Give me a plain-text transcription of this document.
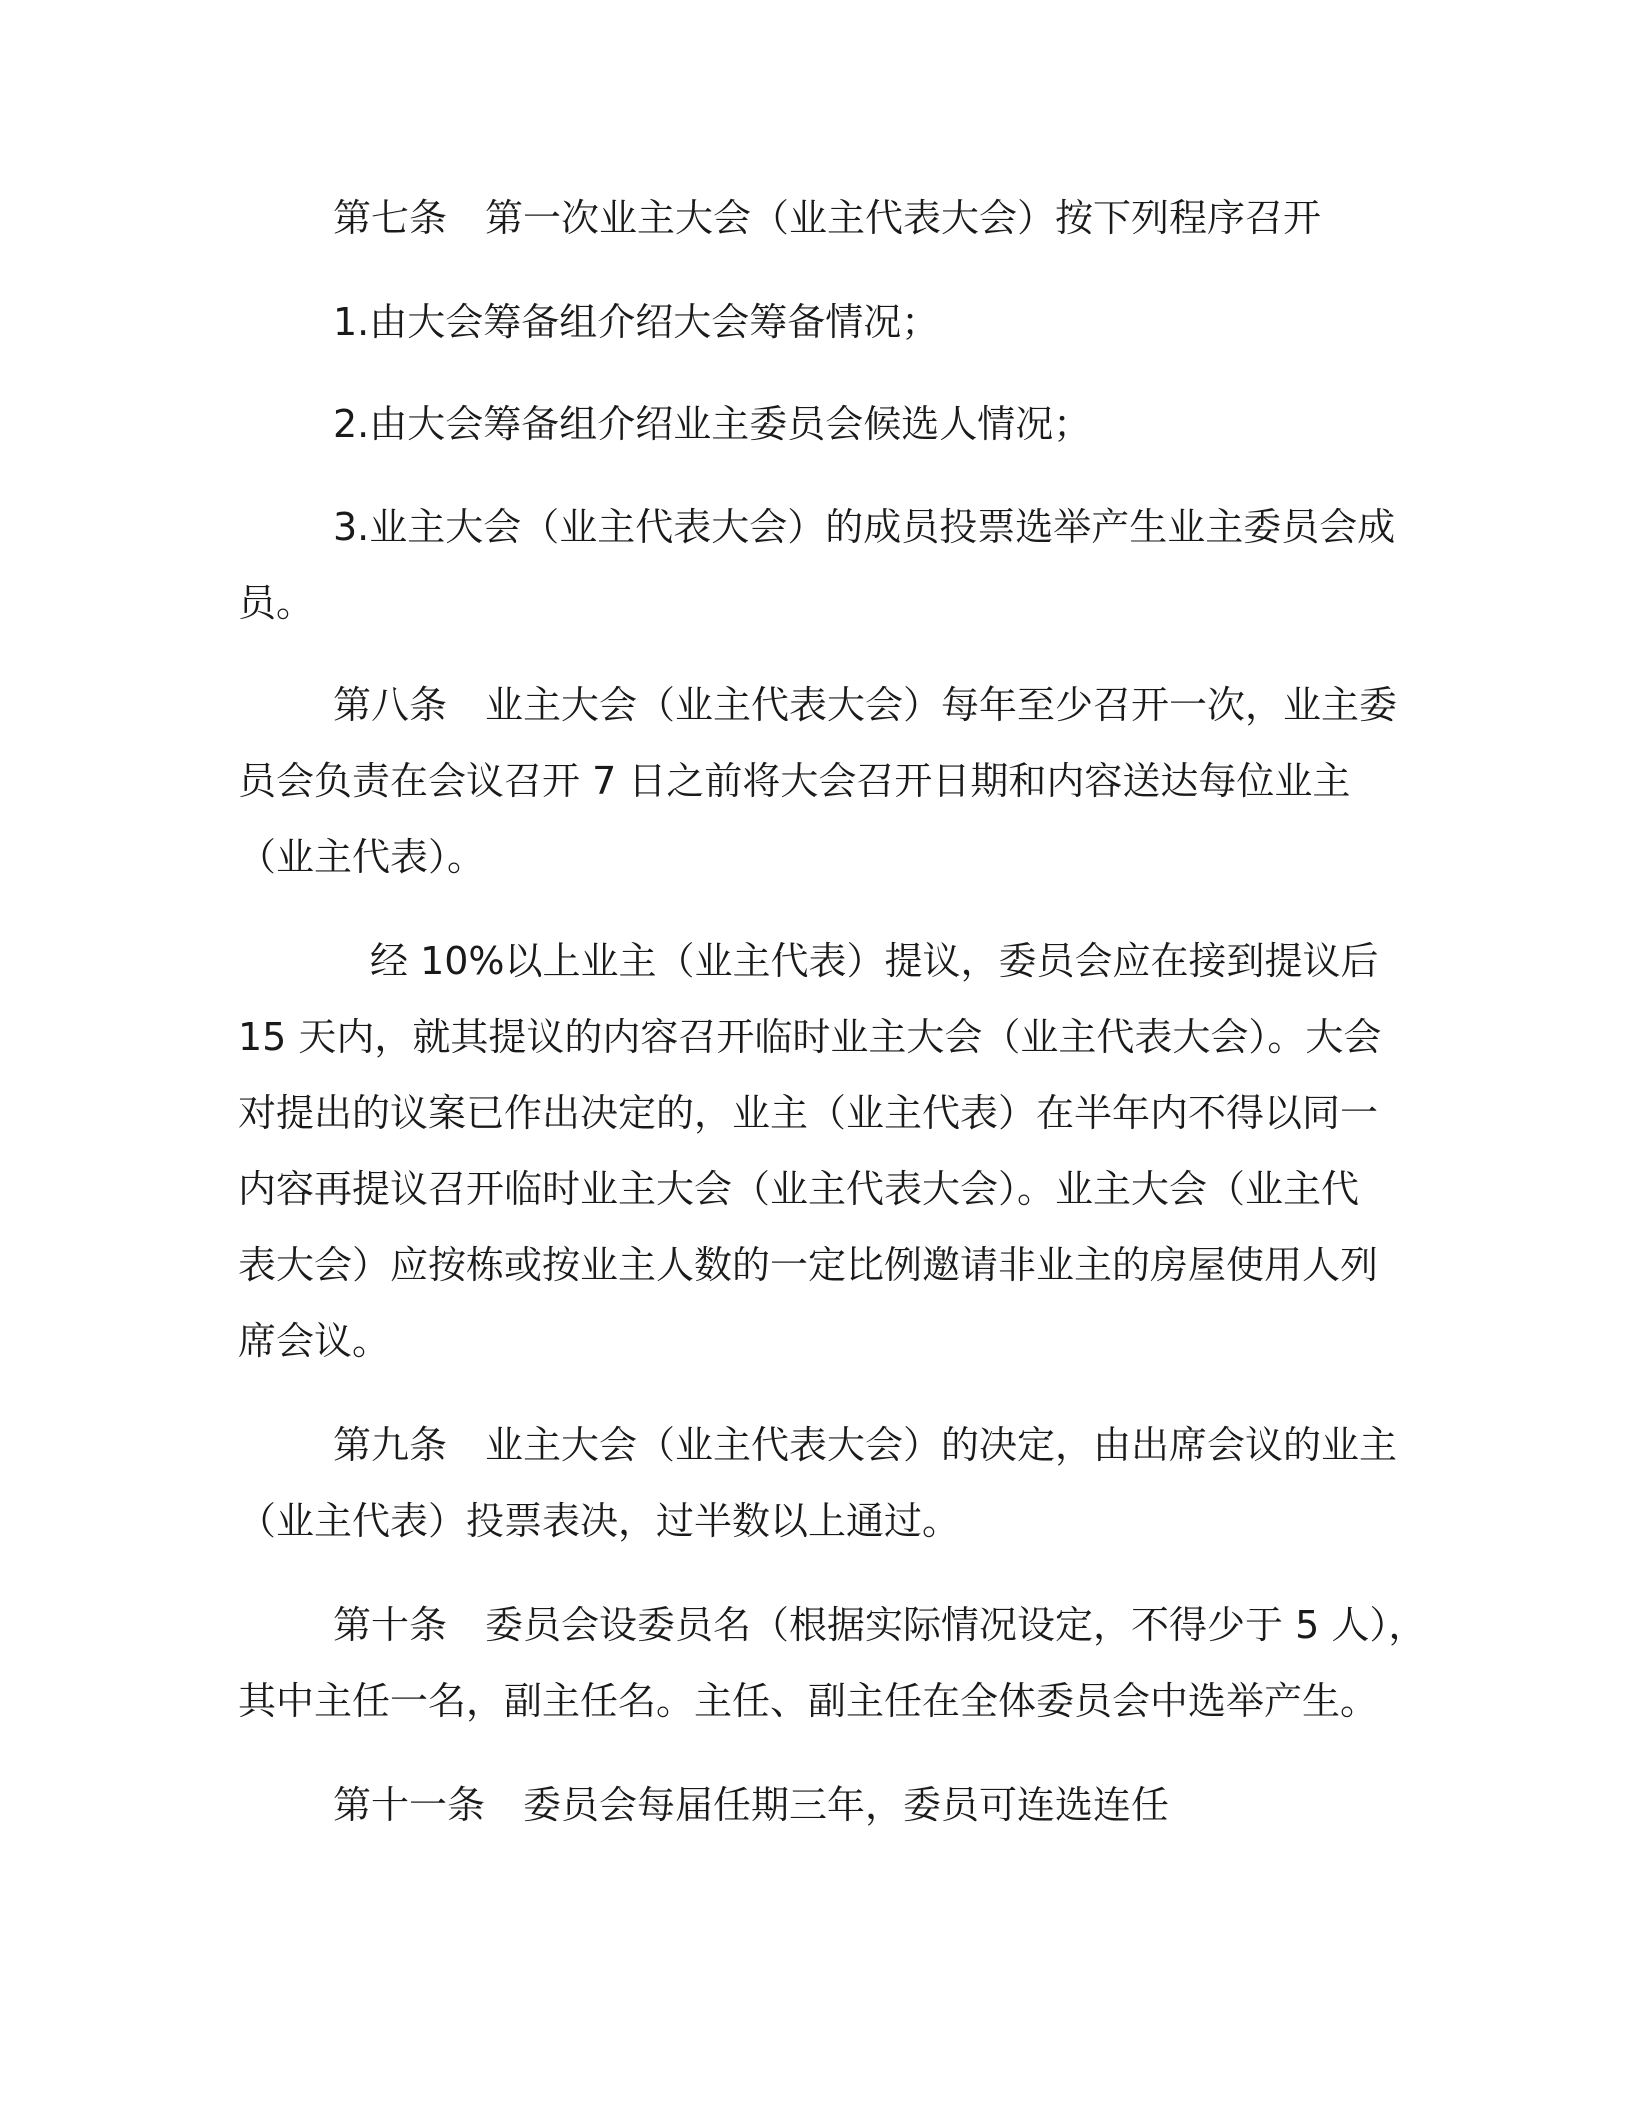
第七条　第一次业主大会（业主代表大会）按下列程序召开

1.由大会筹备组介绍大会筹备情况；

2.由大会筹备组介绍业主委员会候选人情况；

3.业主大会（业主代表大会）的成员投票选举产生业主委员会成

员。

第八条　业主大会（业主代表大会）每年至少召开一次，业主委

员会负责在会议召开 7 日之前将大会召开日期和内容送达每位业主

（业主代表）。

经 10%以上业主（业主代表）提议，委员会应在接到提议后

15 天内，就其提议的内容召开临时业主大会（业主代表大会）。大会

对提出的议案已作出决定的，业主（业主代表）在半年内不得以同一

内容再提议召开临时业主大会（业主代表大会）。业主大会（业主代

表大会）应按栋或按业主人数的一定比例邀请非业主的房屋使用人列

席会议。

第九条　业主大会（业主代表大会）的决定，由出席会议的业主

（业主代表）投票表决，过半数以上通过。

第十条　委员会设委员名（根据实际情况设定，不得少于 5 人），

其中主任一名，副主任名。主任、副主任在全体委员会中选举产生。

第十一条　委员会每届任期三年，委员可连选连任
